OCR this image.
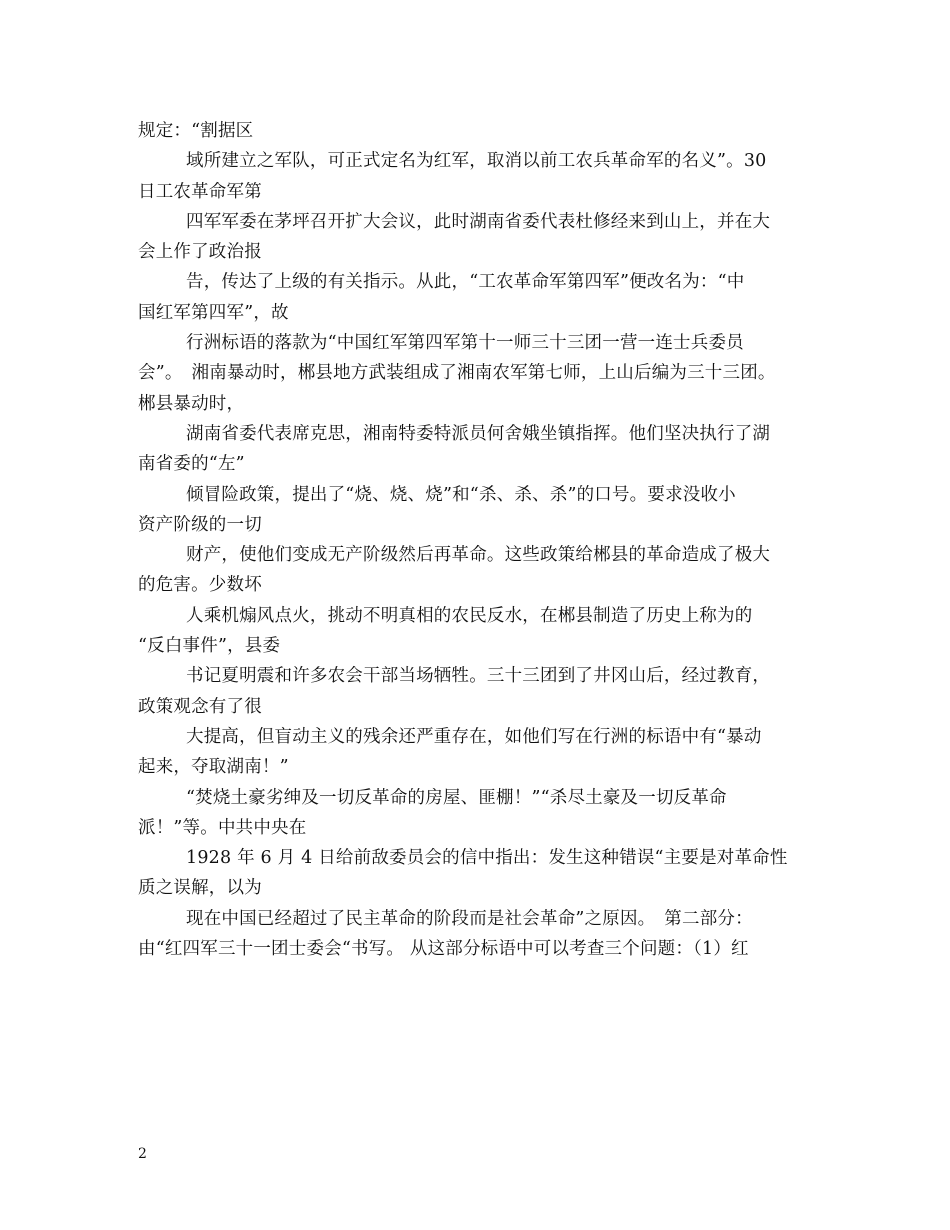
规定：“割据区
域所建立之军队，可正式定名为红军，取消以前工农兵革命军的名义”。30
日工农革命军第
四军军委在茅坪召开扩大会议，此时湖南省委代表杜修经来到山上，并在大
会上作了政治报
告，传达了上级的有关指示。从此，“工农革命军第四军”便改名为：“中
国红军第四军”，故
行洲标语的落款为“中国红军第四军第十一师三十三团一营一连士兵委员
会”。　湘南暴动时，郴县地方武装组成了湘南农军第七师，上山后编为三十三团。
郴县暴动时，
湖南省委代表席克思，湘南特委特派员何舍娥坐镇指挥。他们坚决执行了湖
南省委的“左”
倾冒险政策，提出了“烧、烧、烧”和“杀、杀、杀”的口号。要求没收小
资产阶级的一切
财产，使他们变成无产阶级然后再革命。这些政策给郴县的革命造成了极大
的危害。少数坏
人乘机煽风点火，挑动不明真相的农民反水，在郴县制造了历史上称为的
“反白事件”，县委
书记夏明震和许多农会干部当场牺牲。三十三团到了井冈山后，经过教育，
政策观念有了很
大提高，但盲动主义的残余还严重存在，如他们写在行洲的标语中有“暴动
起来，夺取湖南！”
“焚烧土豪劣绅及一切反革命的房屋、匪棚！”“杀尽土豪及一切反革命
派！”等。中共中央在
1928 年 6 月 4 日给前敌委员会的信中指出：发生这种错误“主要是对革命性
质之误解，以为
现在中国已经超过了民主革命的阶段而是社会革命”之原因。　第二部分：
由“红四军三十一团士委会“书写。 从这部分标语中可以考查三个问题：（1）红
2
